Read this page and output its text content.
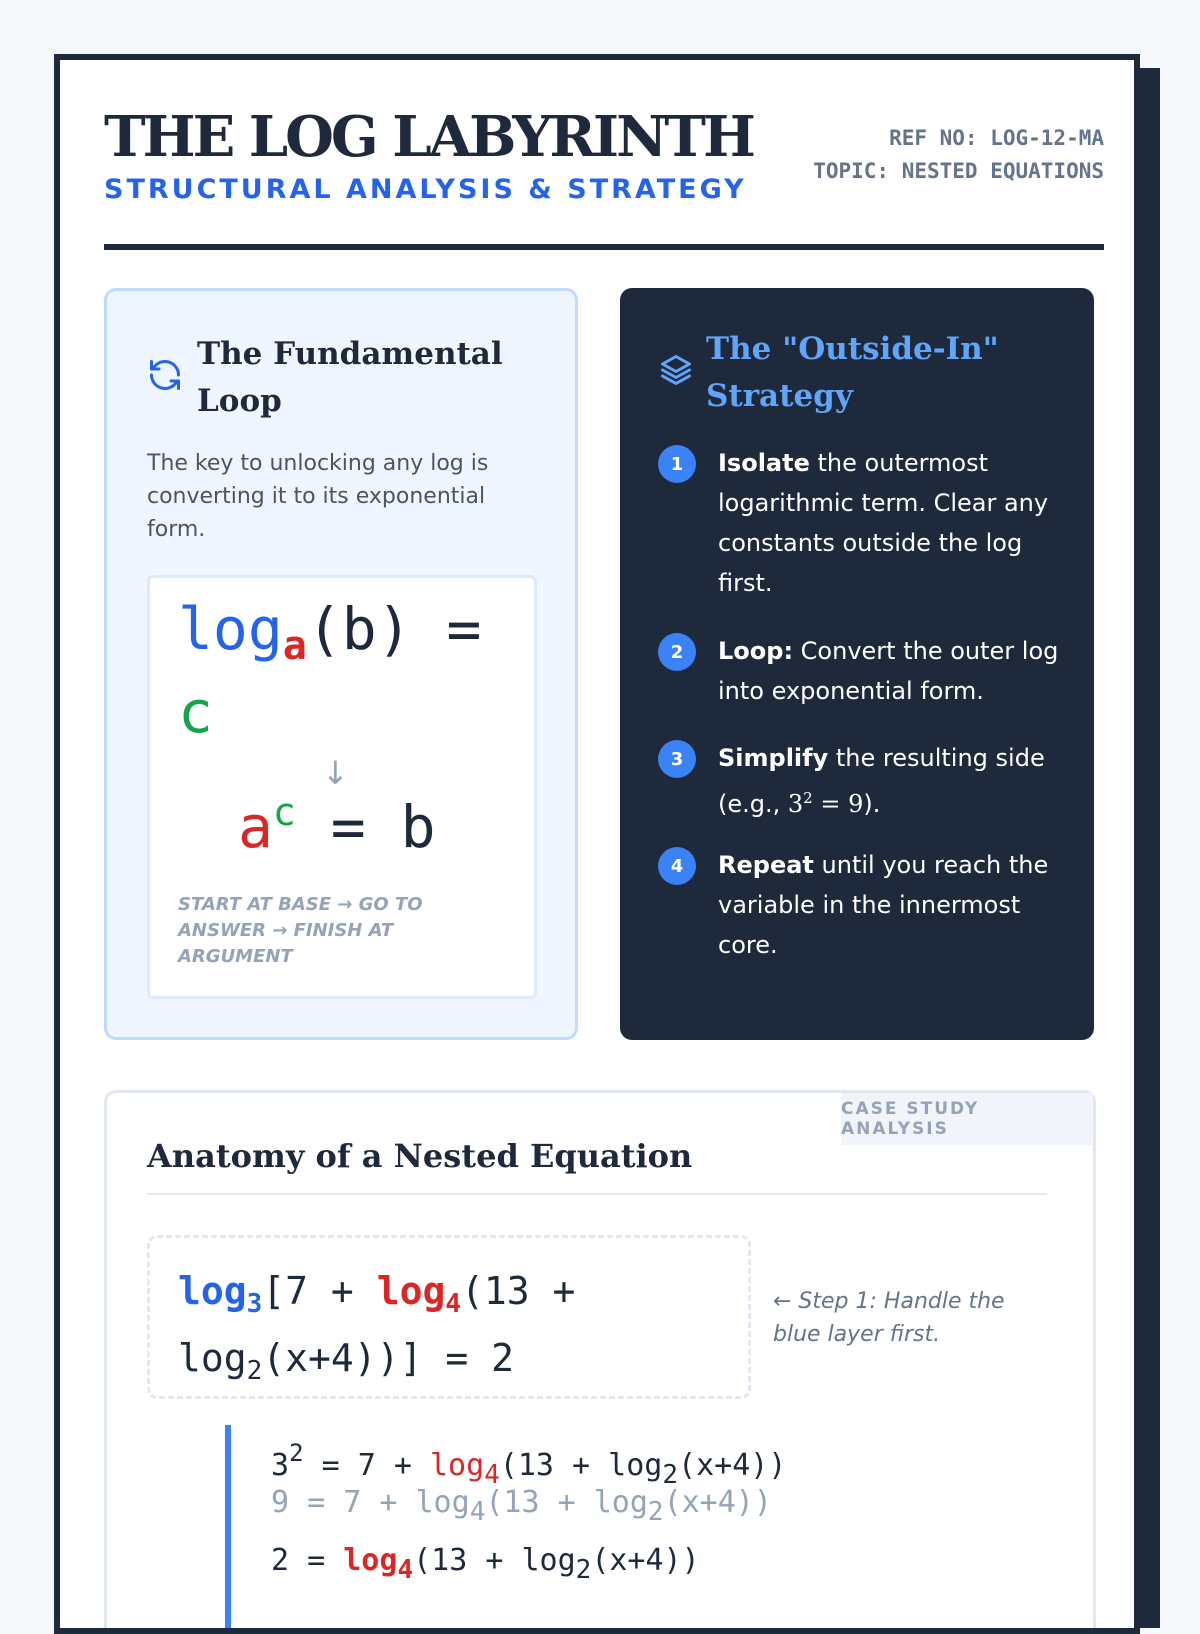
THE LOG LABYRINTH
STRUCTURAL ANALYSIS & STRATEGY
REF NO: LOG-12-MA
TOPIC: NESTED EQUATIONS
The Fundamental Loop
The key to unlocking any log is converting it to its exponential form.
loga(b) = c
↓
$a^c = b$
START AT BASE → GO TO ANSWER → FINISH AT ARGUMENT
The "Outside-In" Strategy
1	Isolate the outermost logarithmic term. Clear any constants outside the log first.
2	Loop: Convert the outer log into exponential form.
3	Simplify the resulting side (e.g., $3^2 = 9$).
4	Repeat until you reach the variable in the innermost core.
CASE STUDY ANALYSIS
Anatomy of a Nested Equation
$\log_3[7 + \log_4(13 + \log_2(x+4))] = 2$
← Step 1: Handle the blue layer first.
$3^2 = 7 + \log 4(13 + \log 2(x+4))$
9 = 7 + log4(13 + log2(x+4))
2 = log4(13 + log2(x+4))
